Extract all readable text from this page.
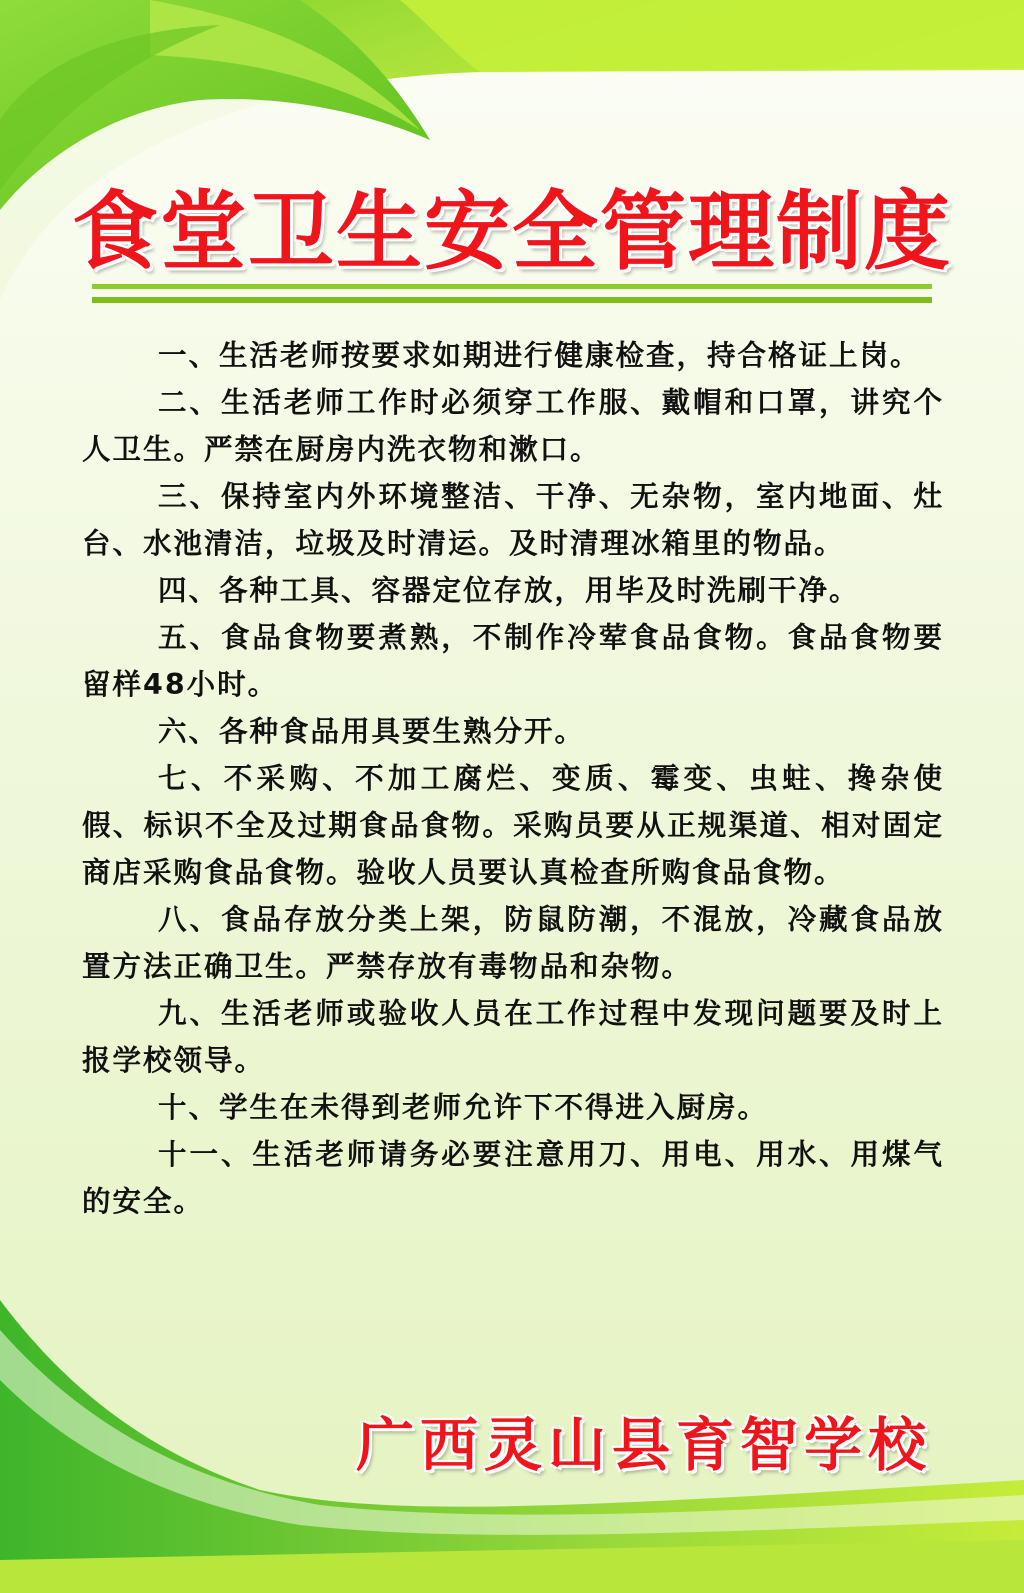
食堂卫生安全管理制度

一、生活老师按要求如期进行健康检查，持合格证上岗。

二、生活老师工作时必须穿工作服、戴帽和口罩，讲究个人卫生。严禁在厨房内洗衣物和漱口。

三、保持室内外环境整洁、干净、无杂物，室内地面、灶台、水池清洁，垃圾及时清运。及时清理冰箱里的物品。

四、各种工具、容器定位存放，用毕及时洗刷干净。

五、食品食物要煮熟，不制作冷荤食品食物。食品食物要留样48小时。

六、各种食品用具要生熟分开。

七、不采购、不加工腐烂、变质、霉变、虫蛀、搀杂使假、标识不全及过期食品食物。采购员要从正规渠道、相对固定商店采购食品食物。验收人员要认真检查所购食品食物。

八、食品存放分类上架，防鼠防潮，不混放，冷藏食品放置方法正确卫生。严禁存放有毒物品和杂物。

九、生活老师或验收人员在工作过程中发现问题要及时上报学校领导。

十、学生在未得到老师允许下不得进入厨房。

十一、生活老师请务必要注意用刀、用电、用水、用煤气的安全。

广西灵山县育智学校
